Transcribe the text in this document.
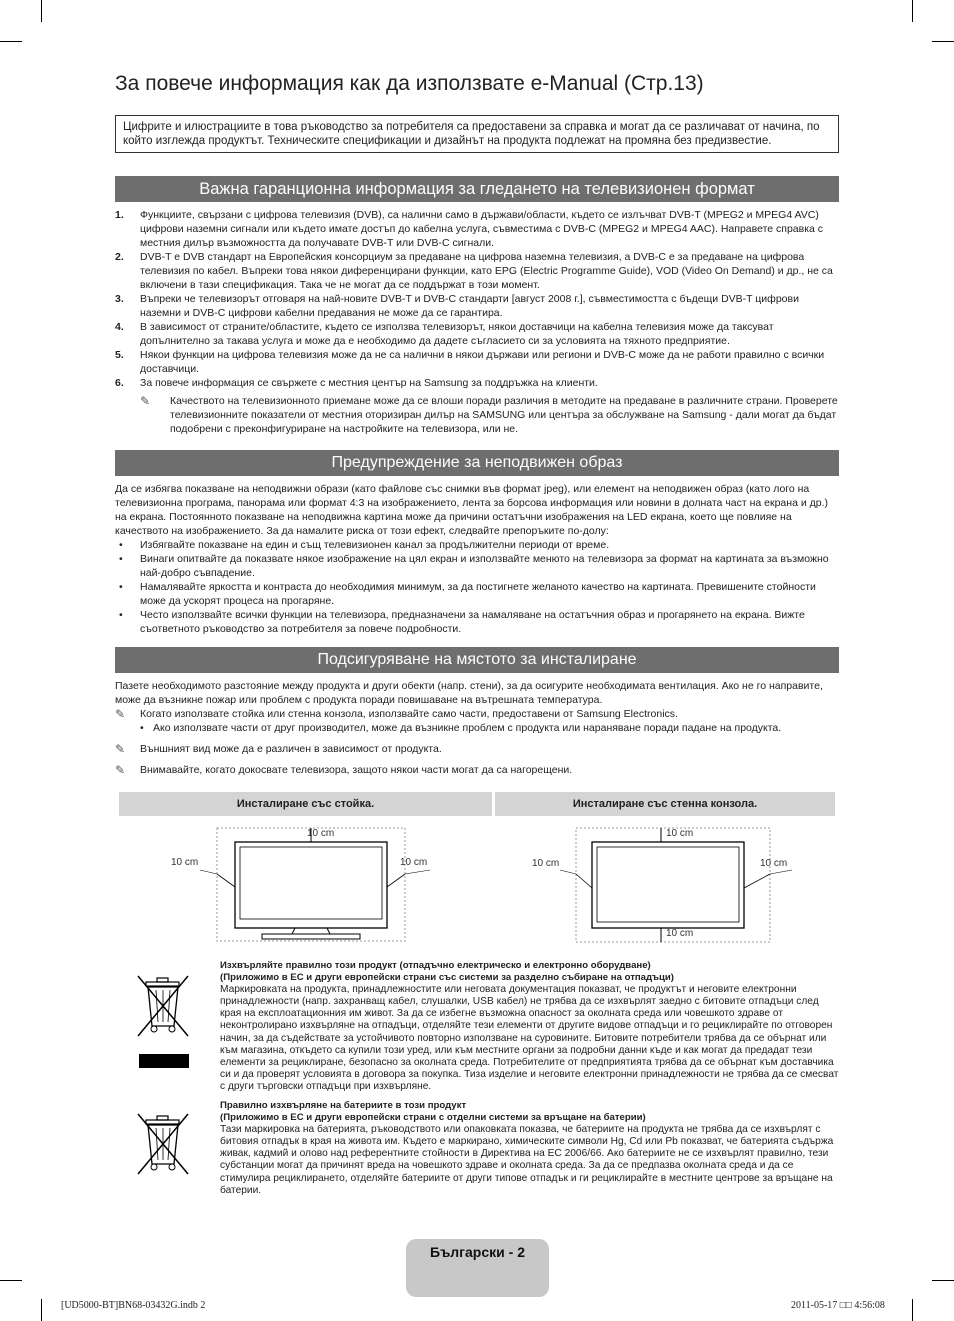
За повече информация как да използвате e-Manual (Стр.13)
Цифрите и илюстрациите в това ръководство за потребителя са предоставени за справка и могат да се различават от начина, по който изглежда продуктът. Техническите спецификации и дизайнът на продукта подлежат на промяна без предизвестие.
Важна гаранционна информация за гледането на телевизионен формат
1.	Функциите, свързани с цифрова телевизия (DVB), са налични само в държави/области, където се излъчват DVB-T (MPEG2 и MPEG4 AVC) цифрови наземни сигнали или където имате достъп до кабелна услуга, съвместима с DVB-C (MPEG2 и MPEG4 AAC). Направете справка с местния дилър възможността да получавате DVB-T или DVB-C сигнали.
2.	DVB-T е DVB стандарт на Европейския консорциум за предаване на цифрова наземна телевизия, а DVB-C е за предаване на цифрова телевизия по кабел. Въпреки това някои диференцирани функции, като EPG (Electric Programme Guide), VOD (Video On Demand) и др., не са включени в тази спецификация. Така че не могат да се поддържат в този момент.
3.	Въпреки че телевизорът отговаря на най-новите DVB-T и DVB-C стандарти [август 2008 г.], съвместимостта с бъдещи DVB-T цифрови наземни и DVB-C цифрови кабелни предавания не може да се гарантира.
4.	В зависимост от страните/областите, където се използва телевизорът, някои доставчици на кабелна телевизия може да таксуват допълнително за такава услуга и може да е необходимо да дадете съгласието си за условията на тяхното предприятие.
5.	Някои функции на цифрова телевизия може да не са налични в някои държави или региони и DVB-C може да не работи правилно с всички доставчици.
6.	За повече информация се свържете с местния център на Samsung за поддръжка на клиенти.
✎	Качеството на телевизионното приемане може да се влоши поради различия в методите на предаване в различните страни. Проверете телевизионните показатели от местния оторизиран дилър на SAMSUNG или центъра за обслужване на Samsung - дали могат да бъдат подобрени с преконфигуриране на настройките на телевизора, или не.
Предупреждение за неподвижен образ

Да се избягва показване на неподвижни образи (като файлове със снимки във формат jpeg), или елемент на неподвижен образ (като лого на телевизионна програма, панорама или формат 4:3 на изображението, лента за борсова информация или новини в долната част на екрана и др.) на екрана. Постоянното показване на неподвижна картина може да причини остатъчни изображения на LED екрана, което ще повлияе на качеството на изображението. За да намалите риска от този ефект, следвайте препоръките по-долу:

•	Избягвайте показване на един и същ телевизионен канал за продължителни периоди от време.
•	Винаги опитвайте да показвате някое изображение на цял екран и използвайте менюто на телевизора за формат на картината за възможно най-добро съвпадение.
•	Намалявайте яркостта и контраста до необходимия минимум, за да постигнете желаното качество на картината. Превишените стойности може да ускорят процеса на прогаряне.
•	Често използвайте всички функции на телевизора, предназначени за намаляване на остатъчния образ и прогарянето на екрана. Вижте съответното ръководство за потребителя за повече подробности.
Подсигуряване на мястото за инсталиране

Пазете необходимото разстояние между продукта и други обекти (напр. стени), за да осигурите необходимата вентилация. Ако не го направите, може да възникне пожар или проблем с продукта поради повишаване на вътрешната температура.

✎	Когато използвате стойка или стенна конзола, използвайте само части, предоставени от Samsung Electronics.
• Ако използвате части от друг производител, може да възникне проблем с продукта или нараняване поради падане на продукта.
✎	Външният вид може да е различен в зависимост от продукта.
✎	Внимавайте, когато докосвате телевизора, защото някои части могат да са нагорещени.
Инсталиране със стойка.	Инсталиране със стенна конзола.
10 cm
10 cm	10 cm
10 cm
10 cm	10 cm
10 cm
Изхвърляйте правилно този продукт (отпадъчно електрическо и електронно оборудване)
(Приложимо в ЕС и други европейски страни със системи за разделно събиране на отпадъци)
Маркировката на продукта, принадлежностите или неговата документация показват, че продуктът и неговите електронни принадлежности (напр. захранващ кабел, слушалки, USB кабел) не трябва да се изхвърлят заедно с битовите отпадъци след края на експлоатационния им живот. За да се избегне възможна опасност за околната среда или човешкото здраве от неконтролирано изхвърляне на отпадъци, отделяйте тези елементи от другите видове отпадъци и го рециклирайте по отговорен начин, за да съдействате за устойчивото повторно използване на суровините. Битовите потребители трябва да се обърнат или към магазина, откъдето са купили този уред, или към местните органи за подробни данни къде и как могат да предадат тези елементи за рециклиране, безопасно за околната среда. Потребителите от предприятията трябва да се обърнат към доставчика си и да проверят условията в договора за покупка. Тиза изделие и неговите електронни принадлежности не трябва да се смесват с други търговски отпадъци при изхвърляне.
Правилно изхвърляне на батериите в този продукт
(Приложимо в ЕС и други европейски страни с отделни системи за връщане на батерии)
Тази маркировка на батерията, ръководството или опаковката показва, че батериите на продукта не трябва да се изхвърлят с битовия отпадък в края на живота им. Където е маркирано, химическите символи Hg, Cd или Pb показват, че батерията съдържа живак, кадмий и олово над референтните стойности в Директива на ЕС 2006/66. Ако батериите не се изхвърлят правилно, тези субстанции могат да причинят вреда на човешкото здраве и околната среда. За да се предпазва околната среда и да се стимулира рециклирането, отделяйте батериите от други типове отпадък и ги рециклирайте в местните центрове за връщане на батерии.
Български - 2
[UD5000-BT]BN68-03432G.indb 2	2011-05-17 □□ 4:56:08
